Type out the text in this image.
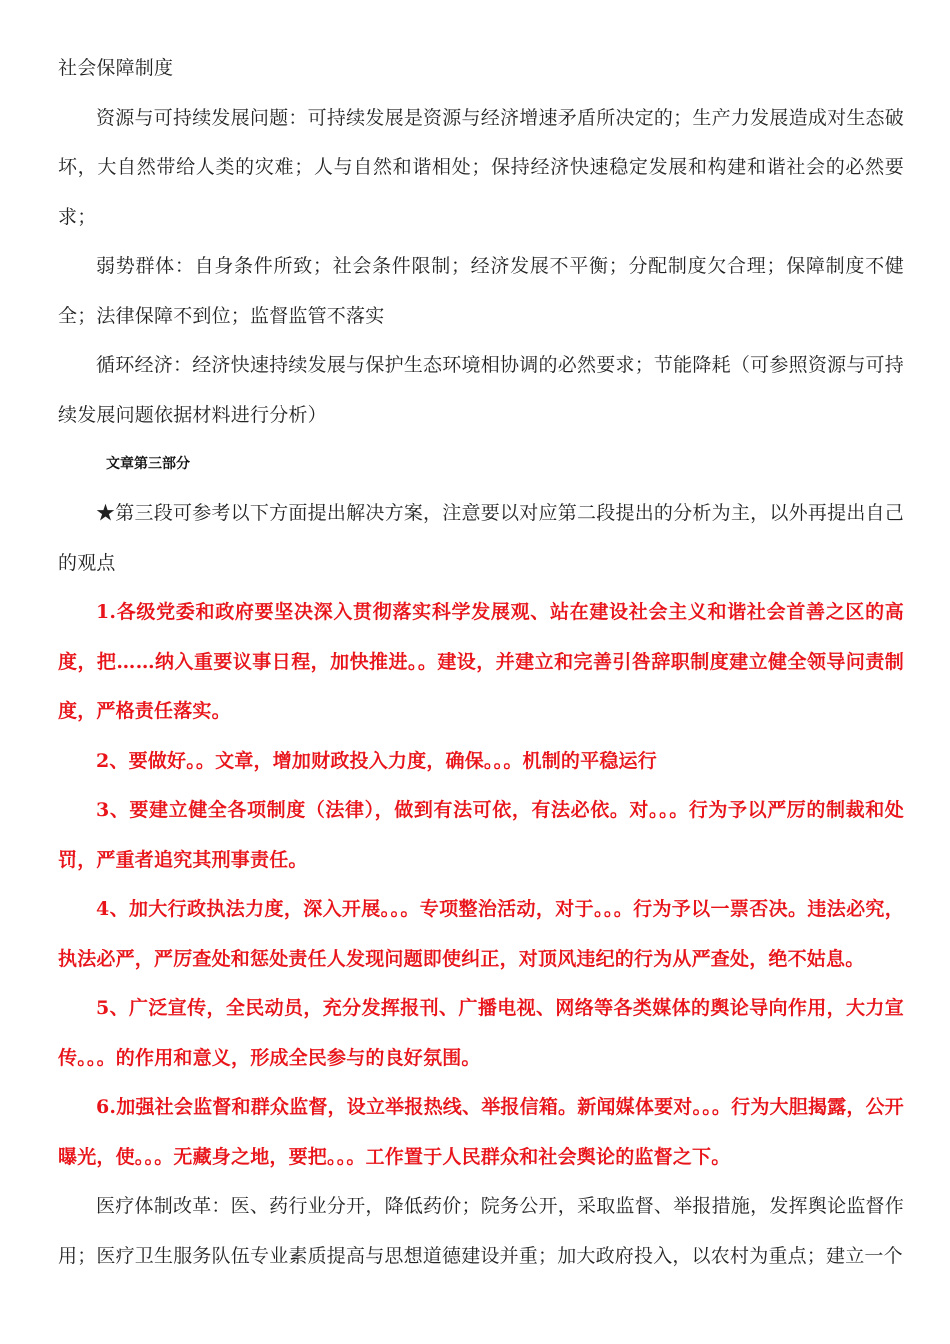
社会保障制度

资源与可持续发展问题：可持续发展是资源与经济增速矛盾所决定的；生产力发展造成对生态破坏，大自然带给人类的灾难；人与自然和谐相处；保持经济快速稳定发展和构建和谐社会的必然要求；

弱势群体：自身条件所致；社会条件限制；经济发展不平衡；分配制度欠合理；保障制度不健全；法律保障不到位；监督监管不落实

循环经济：经济快速持续发展与保护生态环境相协调的必然要求；节能降耗（可参照资源与可持续发展问题依据材料进行分析）

文章第三部分

★第三段可参考以下方面提出解决方案，注意要以对应第二段提出的分析为主，以外再提出自己的观点

1.各级党委和政府要坚决深入贯彻落实科学发展观、站在建设社会主义和谐社会首善之区的高度，把……纳入重要议事日程，加快推进。。建设，并建立和完善引咎辞职制度建立健全领导问责制度，严格责任落实。

2、要做好。。文章，增加财政投入力度，确保。。。机制的平稳运行

3、要建立健全各项制度（法律），做到有法可依，有法必依。对。。。行为予以严厉的制裁和处罚，严重者追究其刑事责任。

4、加大行政执法力度，深入开展。。。专项整治活动，对于。。。行为予以一票否决。违法必究，执法必严，严厉查处和惩处责任人发现问题即使纠正，对顶风违纪的行为从严查处，绝不姑息。

5、广泛宣传，全民动员，充分发挥报刊、广播电视、网络等各类媒体的舆论导向作用，大力宣传。。。的作用和意义，形成全民参与的良好氛围。

6.加强社会监督和群众监督，设立举报热线、举报信箱。新闻媒体要对。。。行为大胆揭露，公开曝光，使。。。无藏身之地，要把。。。工作置于人民群众和社会舆论的监督之下。

医疗体制改革：医、药行业分开，降低药价；院务公开，采取监督、举报措施，发挥舆论监督作用；医疗卫生服务队伍专业素质提高与思想道德建设并重；加大政府投入，以农村为重点；建立一个
